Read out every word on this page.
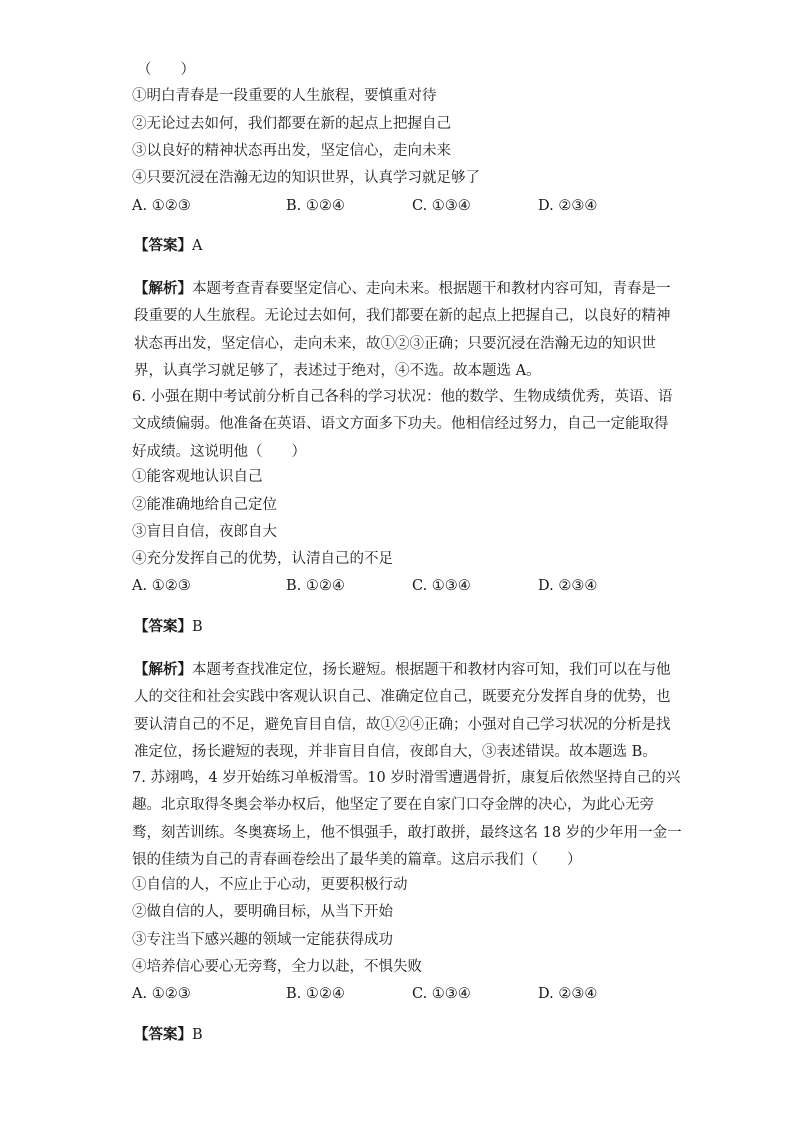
（　　）
①明白青春是一段重要的人生旅程，要慎重对待
②无论过去如何，我们都要在新的起点上把握自己
③以良好的精神状态再出发，坚定信心，走向未来
④只要沉浸在浩瀚无边的知识世界，认真学习就足够了
A. ①②③	B. ①②④	C. ①③④	D. ②③④
【答案】A
【解析】本题考查青春要坚定信心、走向未来。根据题干和教材内容可知，青春是一
段重要的人生旅程。无论过去如何，我们都要在新的起点上把握自己，以良好的精神
状态再出发，坚定信心，走向未来，故①②③正确；只要沉浸在浩瀚无边的知识世
界，认真学习就足够了，表述过于绝对，④不选。故本题选 A。
6. 小强在期中考试前分析自己各科的学习状况：他的数学、生物成绩优秀，英语、语
文成绩偏弱。他准备在英语、语文方面多下功夫。他相信经过努力，自己一定能取得
好成绩。这说明他（　　）
①能客观地认识自己
②能准确地给自己定位
③盲目自信，夜郎自大
④充分发挥自己的优势，认清自己的不足
A. ①②③	B. ①②④	C. ①③④	D. ②③④
【答案】B
【解析】本题考查找准定位，扬长避短。根据题干和教材内容可知，我们可以在与他
人的交往和社会实践中客观认识自己、准确定位自己，既要充分发挥自身的优势，也
要认清自己的不足，避免盲目自信，故①②④正确；小强对自己学习状况的分析是找
准定位，扬长避短的表现，并非盲目自信，夜郎自大，③表述错误。故本题选 B。
7. 苏翊鸣，4 岁开始练习单板滑雪。10 岁时滑雪遭遇骨折，康复后依然坚持自己的兴
趣。北京取得冬奥会举办权后，他坚定了要在自家门口夺金牌的决心，为此心无旁
骛，刻苦训练。冬奥赛场上，他不惧强手，敢打敢拼，最终这名 18 岁的少年用一金一
银的佳绩为自己的青春画卷绘出了最华美的篇章。这启示我们（　　）
①自信的人，不应止于心动，更要积极行动
②做自信的人，要明确目标，从当下开始
③专注当下感兴趣的领域一定能获得成功
④培养信心要心无旁骛，全力以赴，不惧失败
A. ①②③	B. ①②④	C. ①③④	D. ②③④
【答案】B
